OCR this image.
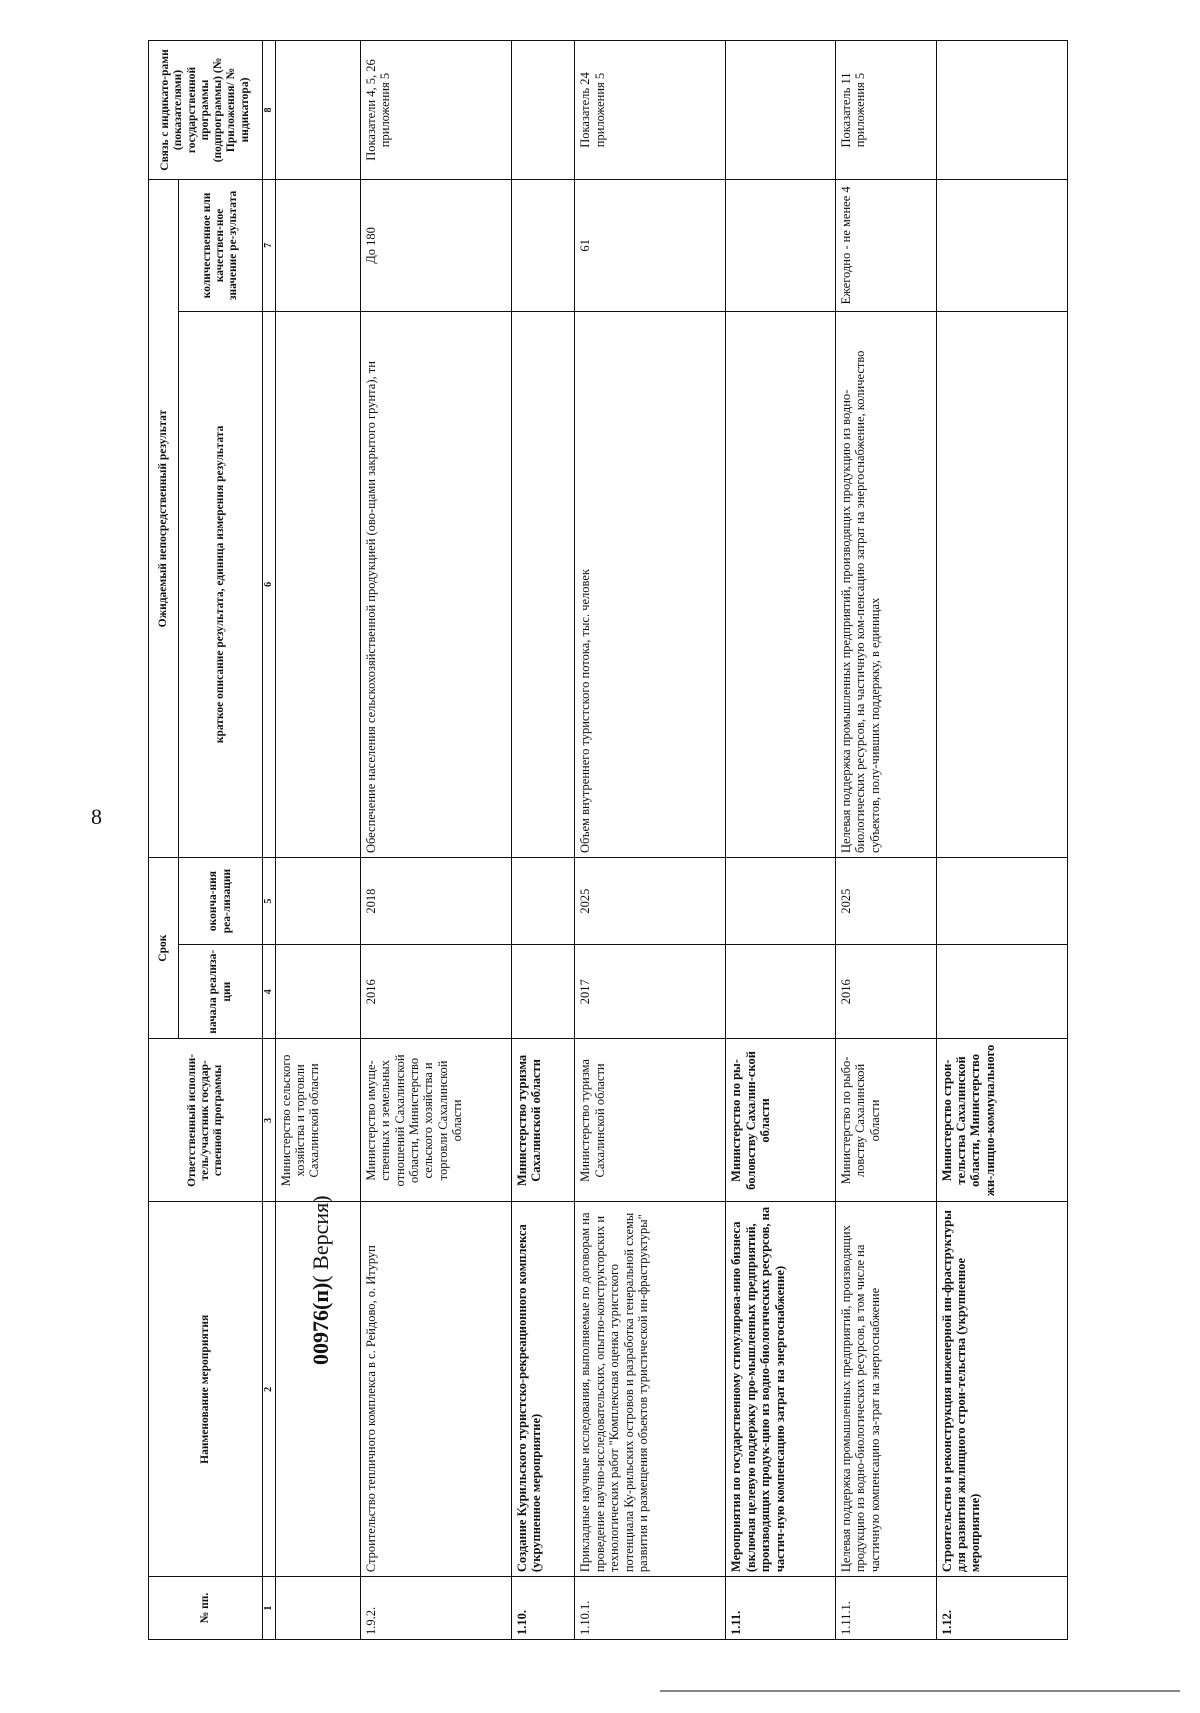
8
00976(п)( Версия)
№ пп.	Наименование мероприятия	Ответственный исполни-тель/участник государ-ственной программы	Срок		Ожидаемый непосредственный результат		Связь с индикато-рами (показателями) государственной программы (подпрограммы) (№ Приложения/ № индикатора)
			начала реализа-ции	оконча-ния реа-лизации	краткое описание результата, единица измерения результата	количественное или качествен-ное значение ре-зультата	

1	2	3	4	5	6	7	8
		Министерство сельского хозяйства и торговли Сахалинской области					
1.9.2.	Строительство тепличного комплекса в с. Рейдово, о. Итуруп	Министерство имуще-ственных и земельных отношений Сахалинской области, Министерство сельского хозяйства и торговли Сахалинской области	2016	2018	Обеспечение населения сельскохозяйственной продукцией (ово-щами закрытого грунта), тн	До 180	Показатели 4, 5, 26 приложения 5
1.10.	Создание Курильского туристско-рекреационного комплекса (укрупненное мероприятие)	Министерство туризма Сахалинской области					
1.10.1.	Прикладные научные исследования, выполняемые по договорам на проведение научно-исследовательских, опытно-конструкторских и технологических работ "Комплексная оценка туристского потенциала Ку-рильских островов и разработка генеральной схемы развития и размещения объектов туристической ин-фраструктуры"	Министерство туризма Сахалинской области	2017	2025	Объем внутреннего туристского потока, тыс. человек	61	Показатель 24 приложения 5
1.11.	Мероприятия по государственному стимулирова-нию бизнеса (включая целевую поддержку про-мышленных предприятий, производящих продук-цию из водно-биологических ресурсов, на частич-ную компенсацию затрат на энергоснабжение)	Министерство по ры-боловству Сахалин-ской области					
1.11.1.	Целевая поддержка промышленных предприятий, производящих продукцию из водно-биологических ресурсов, в том числе на частичную компенсацию за-трат на энергоснабжение	Министерство по рыбо-ловству Сахалинской области	2016	2025	Целевая поддержка промышленных предприятий, производящих продукцию из водно-биологических ресурсов, на частичную ком-пенсацию затрат на энергоснабжение, количество субъектов, полу-чивших поддержку, в единицах	Ежегодно - не менее 4	Показатель 11 приложения 5
1.12.	Строительство и реконструкция инженерной ин-фраструктуры для развития жилищного строи-тельства (укрупненное мероприятие)	Министерство строи-тельства Сахалинской области, Министерство жи-лищно-коммунального					
